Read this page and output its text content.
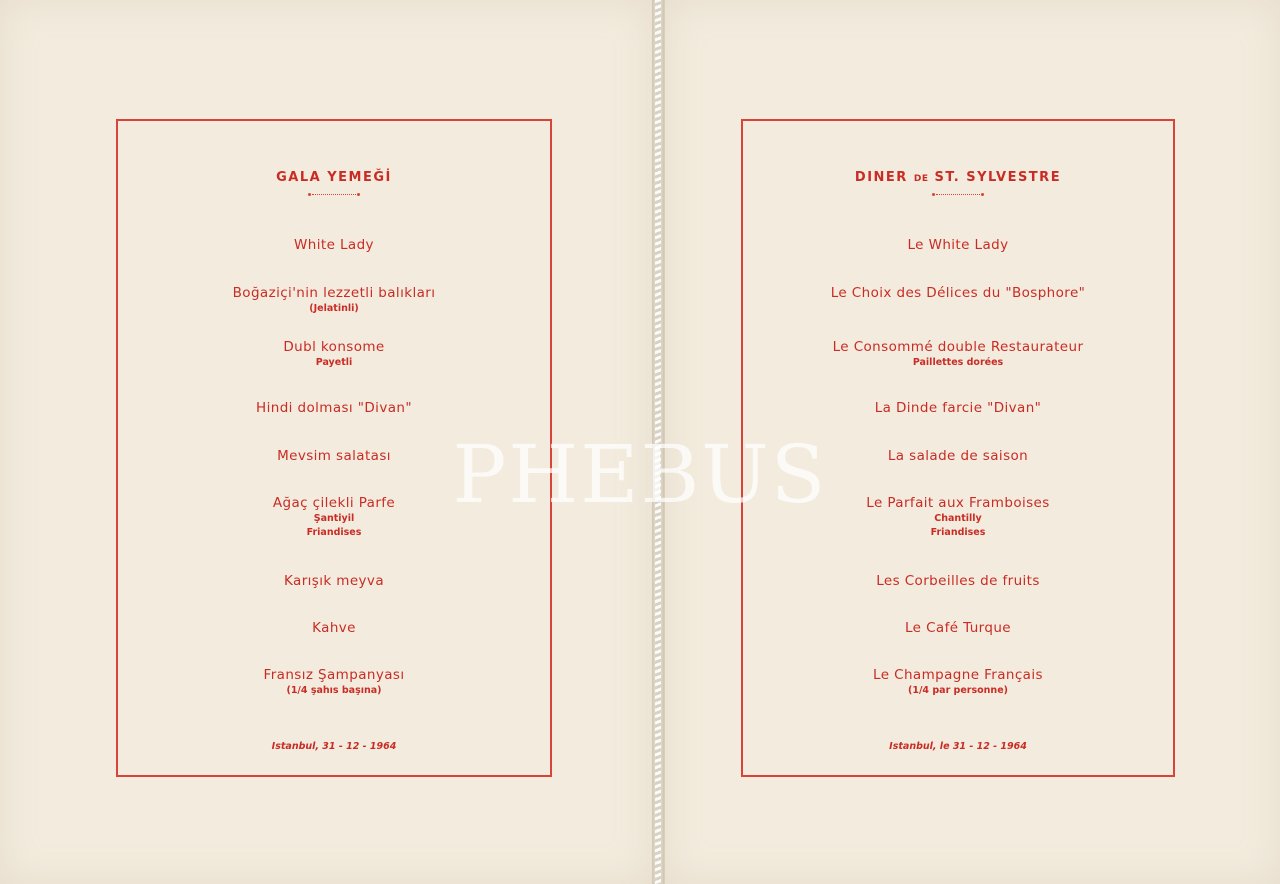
GALA YEMEĞİ
White Lady
Boğaziçi'nin lezzetli balıkları
(Jelatinli)
Dubl konsome
Payetli
Hindi dolması "Divan"
Mevsim salatası
Ağaç çilekli Parfe
Şantiyil
Friandises
Karışık meyva
Kahve
Fransız Şampanyası
(1/4 şahıs başına)
Istanbul, 31 - 12 - 1964
DINER DE ST. SYLVESTRE
Le White Lady
Le Choix des Délices du "Bosphore"
Le Consommé double Restaurateur
Paillettes dorées
La Dinde farcie "Divan"
La salade de saison
Le Parfait aux Framboises
Chantilly
Friandises
Les Corbeilles de fruits
Le Café Turque
Le Champagne Français
(1/4 par personne)
Istanbul, le 31 - 12 - 1964
PHEBUS
